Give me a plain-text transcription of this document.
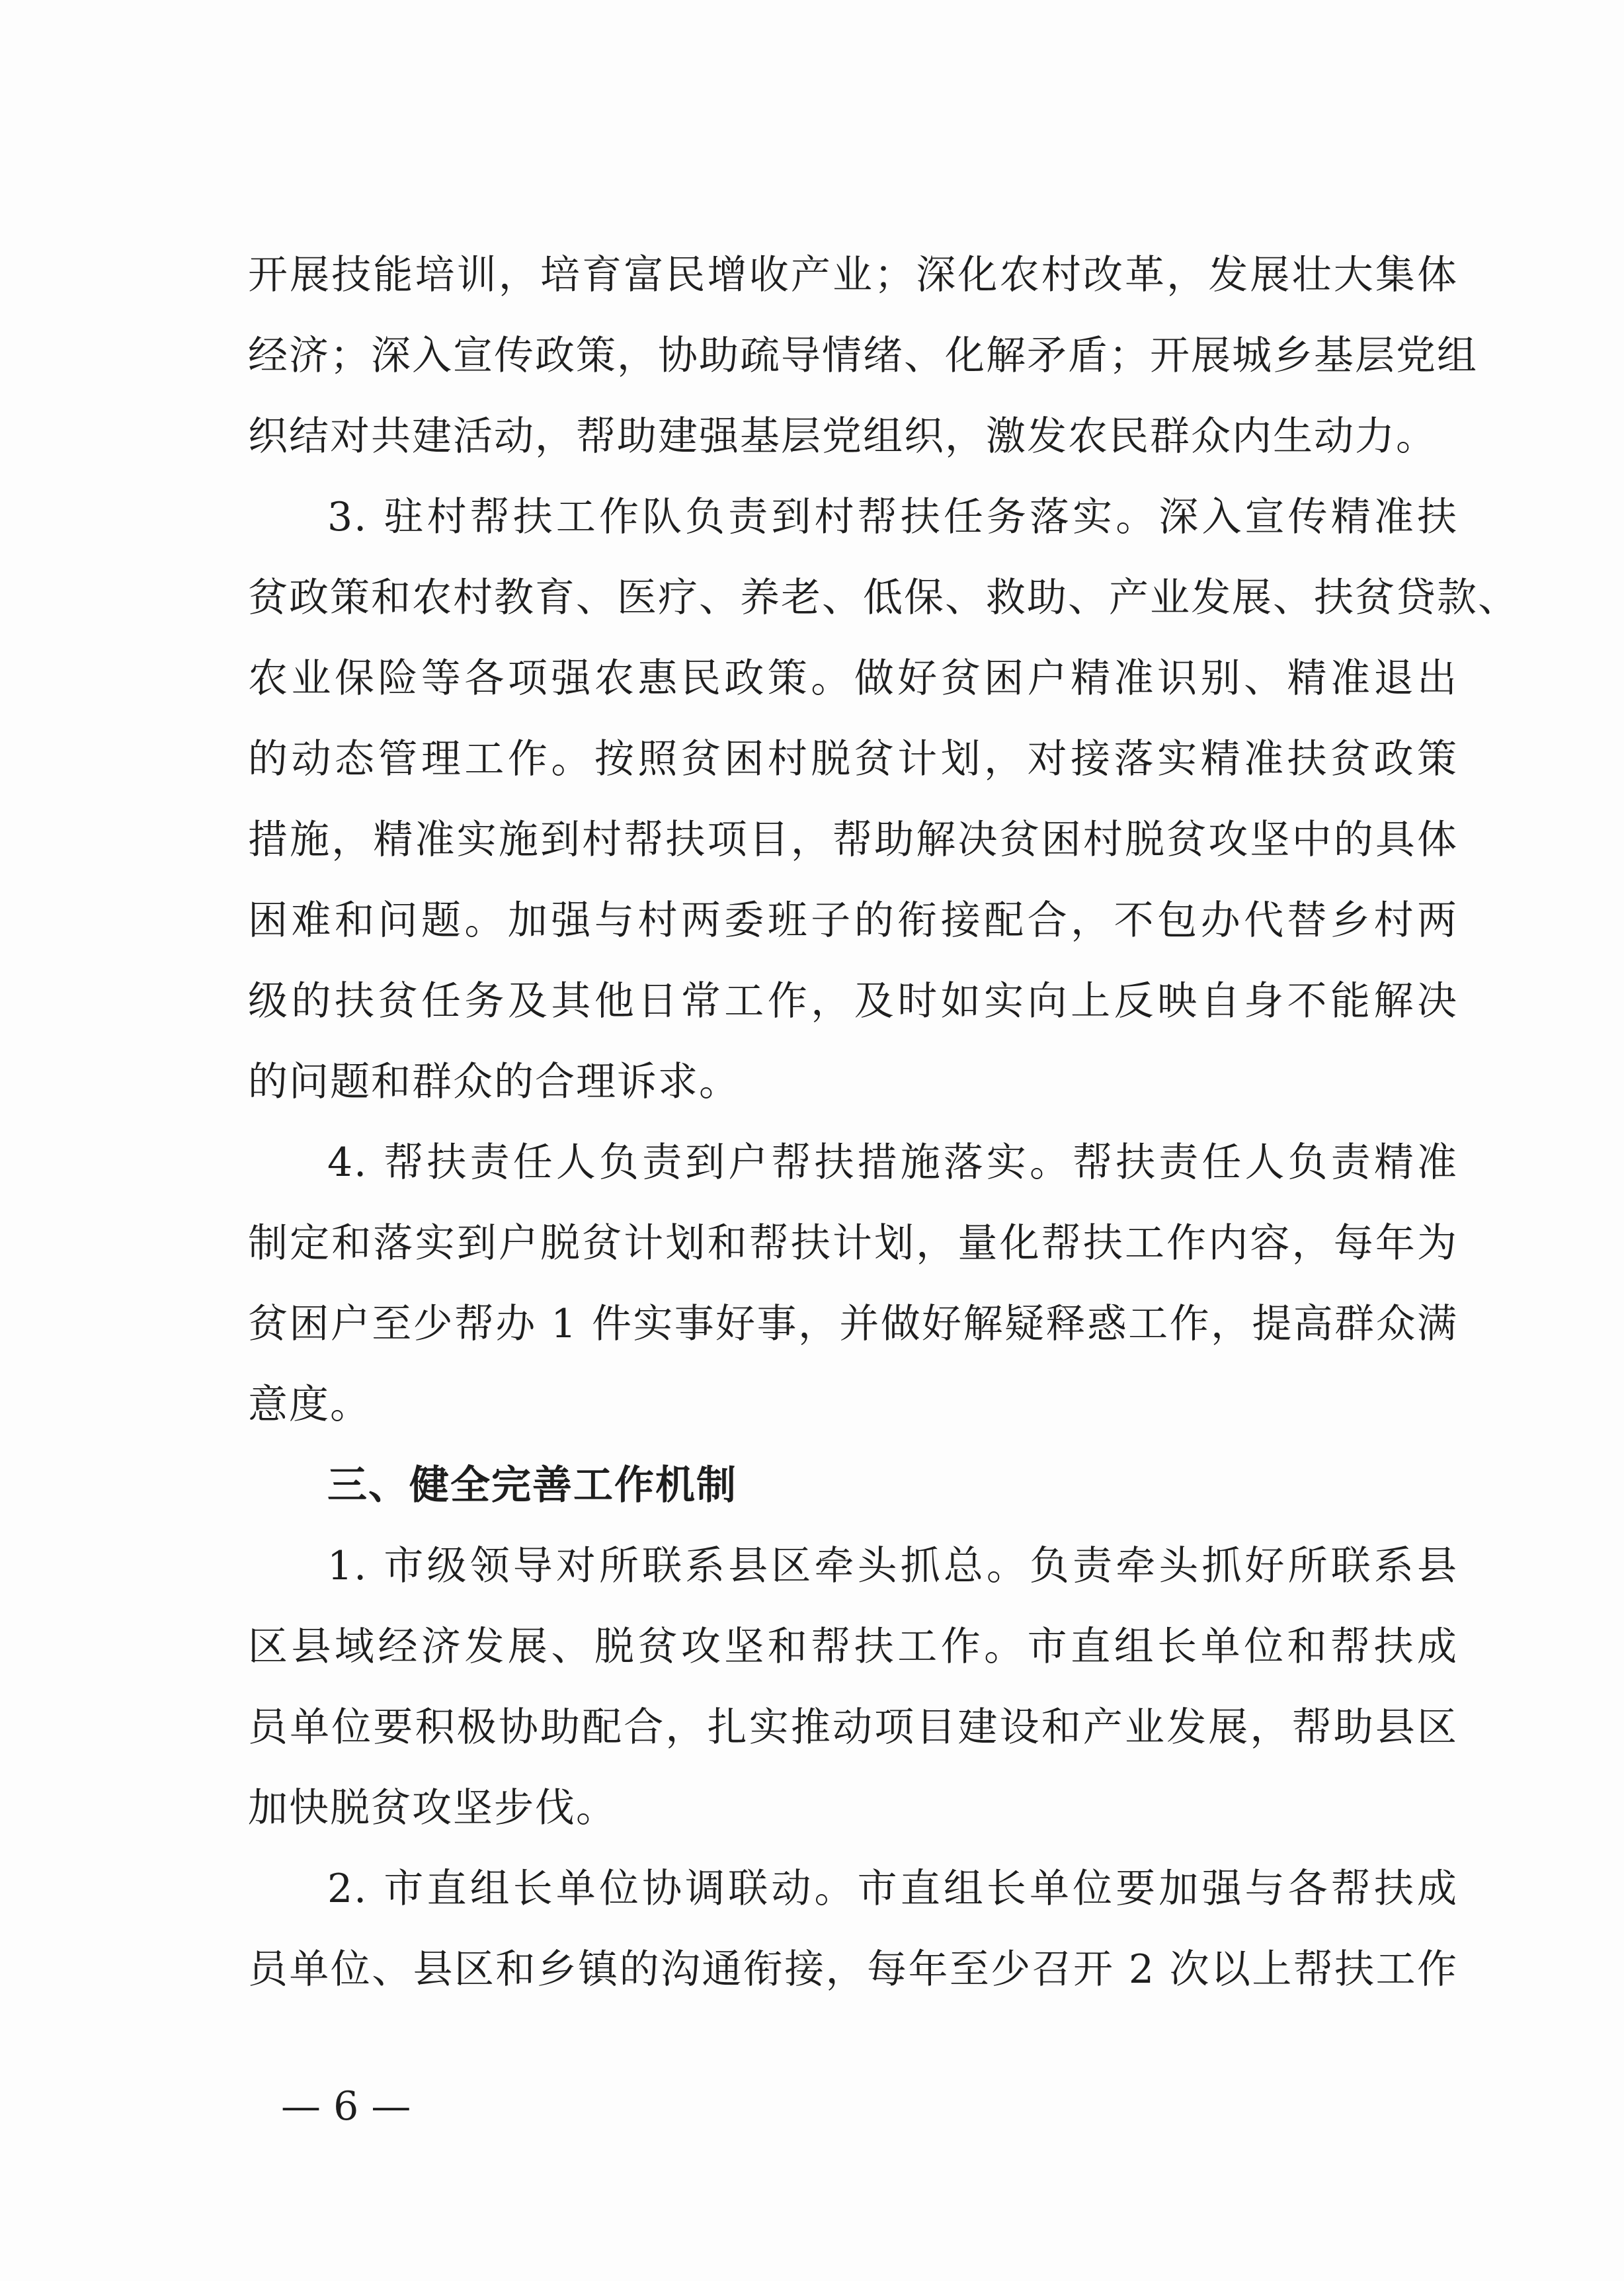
开展技能培训，培育富民增收产业；深化农村改革，发展壮大集体
经济；深入宣传政策，协助疏导情绪、化解矛盾；开展城乡基层党组
织结对共建活动，帮助建强基层党组织，激发农民群众内生动力。
3. 驻村帮扶工作队负责到村帮扶任务落实。深入宣传精准扶
贫政策和农村教育、医疗、养老、低保、救助、产业发展、扶贫贷款、
农业保险等各项强农惠民政策。做好贫困户精准识别、精准退出
的动态管理工作。按照贫困村脱贫计划，对接落实精准扶贫政策
措施，精准实施到村帮扶项目，帮助解决贫困村脱贫攻坚中的具体
困难和问题。加强与村两委班子的衔接配合，不包办代替乡村两
级的扶贫任务及其他日常工作，及时如实向上反映自身不能解决
的问题和群众的合理诉求。
4. 帮扶责任人负责到户帮扶措施落实。帮扶责任人负责精准
制定和落实到户脱贫计划和帮扶计划，量化帮扶工作内容，每年为
贫困户至少帮办 1 件实事好事，并做好解疑释惑工作，提高群众满
意度。
三、健全完善工作机制
1. 市级领导对所联系县区牵头抓总。负责牵头抓好所联系县
区县域经济发展、脱贫攻坚和帮扶工作。市直组长单位和帮扶成
员单位要积极协助配合，扎实推动项目建设和产业发展，帮助县区
加快脱贫攻坚步伐。
2. 市直组长单位协调联动。市直组长单位要加强与各帮扶成
员单位、县区和乡镇的沟通衔接，每年至少召开 2 次以上帮扶工作
— 6 —
